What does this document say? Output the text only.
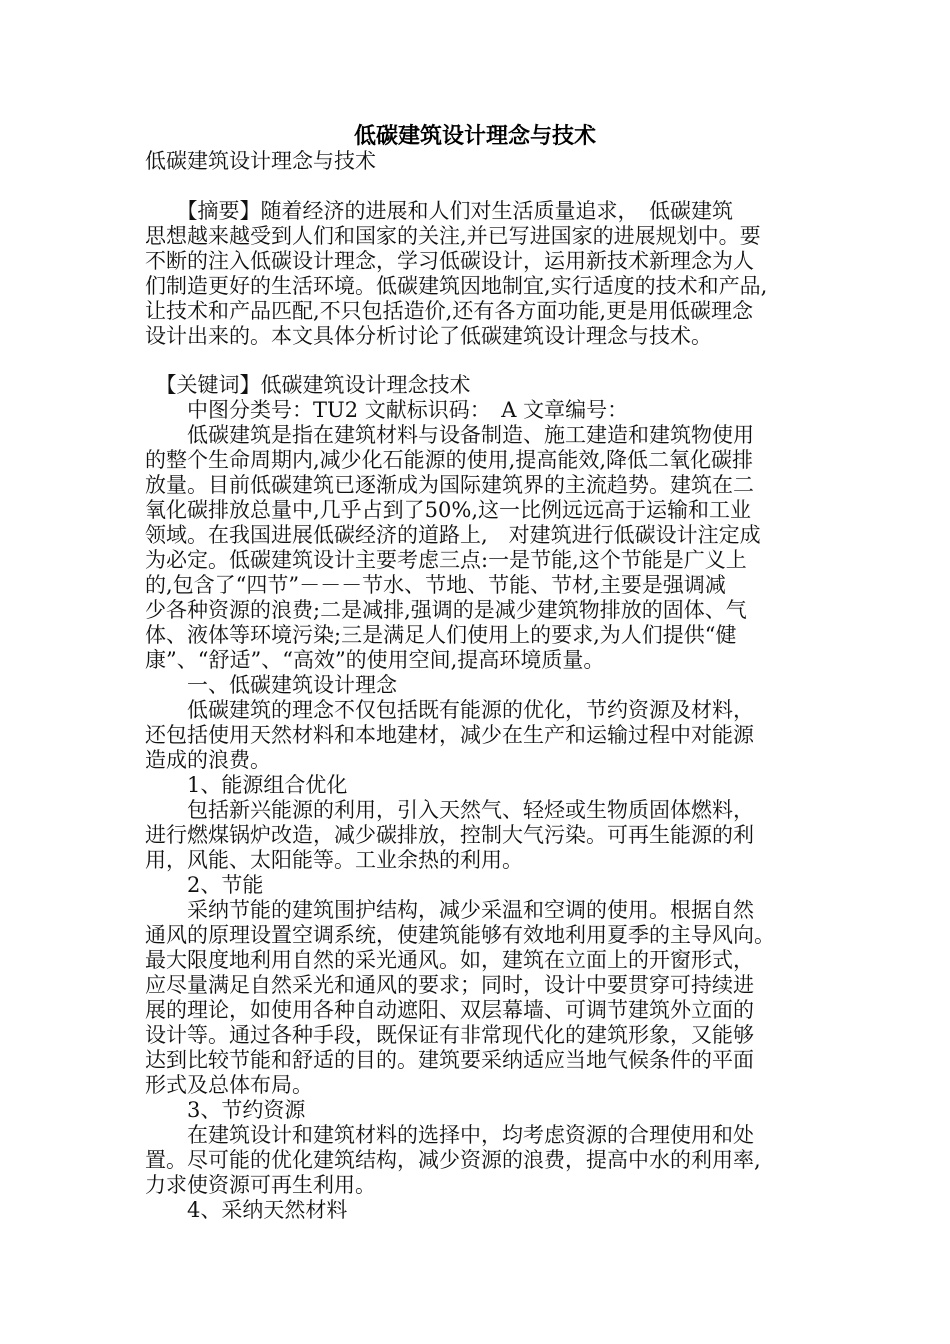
低碳建筑设计理念与技术
低碳建筑设计理念与技术
　　【摘要】随着经济的进展和人们对生活质量追求，　低碳建筑
思想越来越受到人们和国家的关注,并已写进国家的进展规划中。要
不断的注入低碳设计理念，学习低碳设计，运用新技术新理念为人
们制造更好的生活环境。低碳建筑因地制宜,实行适度的技术和产品,
让技术和产品匹配,不只包括造价,还有各方面功能,更是用低碳理念
设计出来的。本文具体分析讨论了低碳建筑设计理念与技术。
　【关键词】低碳建筑设计理念技术
　　中图分类号：TU2 文献标识码：　A 文章编号：
　　低碳建筑是指在建筑材料与设备制造、施工建造和建筑物使用
的整个生命周期内,减少化石能源的使用,提高能效,降低二氧化碳排
放量。目前低碳建筑已逐渐成为国际建筑界的主流趋势。建筑在二
氧化碳排放总量中,几乎占到了50%,这一比例远远高于运输和工业
领域。在我国进展低碳经济的道路上,　对建筑进行低碳设计注定成
为必定。低碳建筑设计主要考虑三点:一是节能,这个节能是广义上
的,包含了“四节”－－－节水、节地、节能、节材,主要是强调减
少各种资源的浪费;二是减排,强调的是减少建筑物排放的固体、气
体、液体等环境污染;三是满足人们使用上的要求,为人们提供“健
康”、“舒适”、“高效”的使用空间,提高环境质量。
　　一、低碳建筑设计理念
　　低碳建筑的理念不仅包括既有能源的优化，节约资源及材料，
还包括使用天然材料和本地建材，减少在生产和运输过程中对能源
造成的浪费。
　　1、能源组合优化
　　包括新兴能源的利用，引入天然气、轻烃或生物质固体燃料，
进行燃煤锅炉改造，减少碳排放，控制大气污染。可再生能源的利
用，风能、太阳能等。工业余热的利用。
　　2、节能
　　采纳节能的建筑围护结构，减少采温和空调的使用。根据自然
通风的原理设置空调系统，使建筑能够有效地利用夏季的主导风向。
最大限度地利用自然的采光通风。如，建筑在立面上的开窗形式，
应尽量满足自然采光和通风的要求；同时，设计中要贯穿可持续进
展的理论，如使用各种自动遮阳、双层幕墙、可调节建筑外立面的
设计等。通过各种手段，既保证有非常现代化的建筑形象，又能够
达到比较节能和舒适的目的。建筑要采纳适应当地气候条件的平面
形式及总体布局。
　　3、节约资源
　　在建筑设计和建筑材料的选择中，均考虑资源的合理使用和处
置。尽可能的优化建筑结构，减少资源的浪费，提高中水的利用率,
力求使资源可再生利用。
　　4、采纳天然材料
